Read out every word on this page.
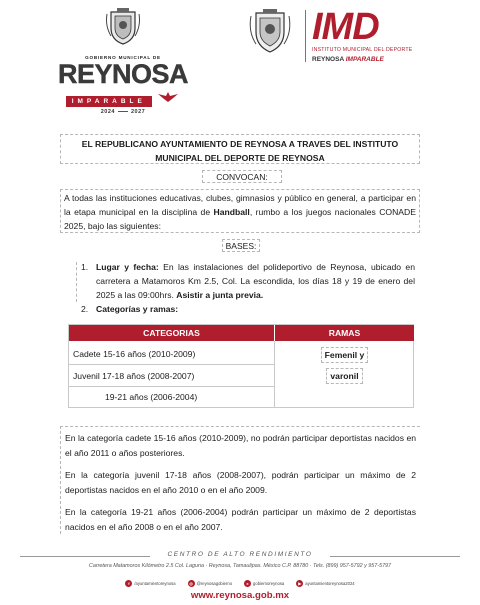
GOBIERNO MUNICIPAL DE
REYNOSA
IMPARABLE
2024	2027
IMD
INSTITUTO MUNICIPAL DEL DEPORTE
REYNOSA IMPARABLE
EL REPUBLICANO AYUNTAMIENTO DE REYNOSA A TRAVES DEL INSTITUTO MUNICIPAL DEL DEPORTE DE REYNOSA
CONVOCAN:
A todas las instituciones educativas, clubes, gimnasios y público en general, a participar en la etapa municipal en la disciplina de Handball, rumbo a los juegos nacionales CONADE 2025, bajo las siguientes:
BASES:
1. Lugar y fecha: En las instalaciones del polideportivo de Reynosa, ubicado en carretera a Matamoros Km 2.5, Col. La escondida, los días 18 y 19 de enero del 2025 a las 09:00hrs. Asistir a junta previa.
2. Categorías y ramas:
CATEGORIAS	RAMAS
Cadete 15-16 años (2010-2009)
Juvenil 17-18 años (2008-2007)
19-21 años (2006-2004)
Femenil y
varonil

En la categoría cadete 15-16 años (2010-2009), no podrán participar deportistas nacidos en el año 2011 o años posteriores.

En la categoría juvenil 17-18 años (2008-2007), podrán participar un máximo de 2 deportistas nacidos en el año 2010 o en el año 2009.

En la categoría 19-21 años (2006-2004) podrán participar un máximo de 2 deportistas nacidos en el año 2008 o en el año 2007.

CENTRO DE ALTO RENDIMIENTO
Carretera Matamoros Kilómetro 2.5 Col. Laguna · Reynosa, Tamaulipas. México C.P. 88780 · Tels. (899) 957-5792 y 957-5797
f	/ayuntamientoreynosa	◎ @reynosagobierno	x	gobiernoreynosa	▶ ayuntamientoreynosa2024
www.reynosa.gob.mx
